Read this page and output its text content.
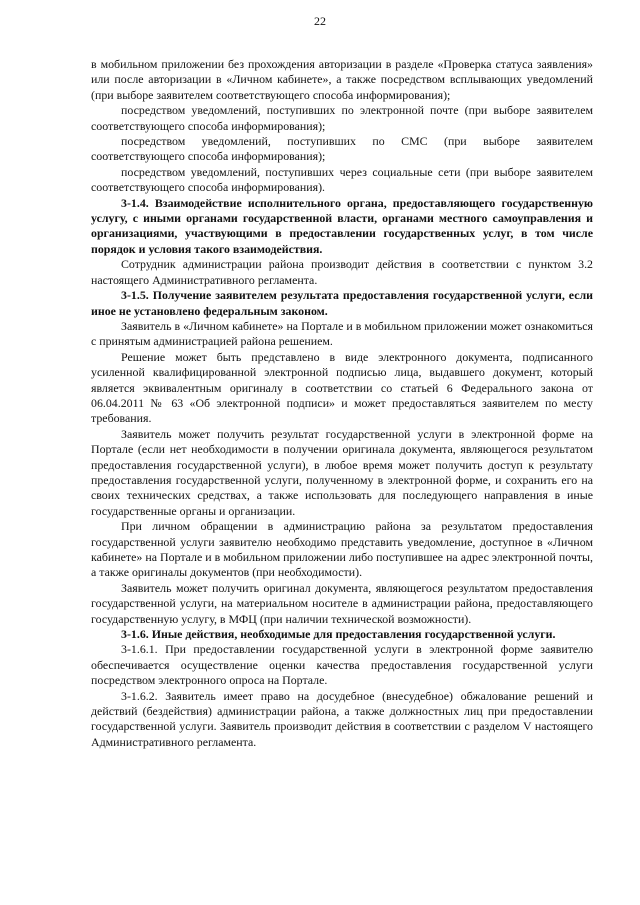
22

в мобильном приложении без прохождения авторизации в разделе «Проверка статуса заявления» или после авторизации в «Личном кабинете», а также посредством всплывающих уведомлений (при выборе заявителем соответствующего способа информирования);

посредством уведомлений, поступивших по электронной почте (при выборе заявителем соответствующего способа информирования);

посредством уведомлений, поступивших по СМС (при выборе заявителем соответствующего способа информирования);

посредством уведомлений, поступивших через социальные сети (при выборе заявителем соответствующего способа информирования).

3-1.4. Взаимодействие исполнительного органа, предоставляющего государственную услугу, с иными органами государственной власти, органами местного самоуправления и организациями, участвующими в предоставлении государственных услуг, в том числе порядок и условия такого взаимодействия.

Сотрудник администрации района производит действия в соответствии с пунктом 3.2 настоящего Административного регламента.

3-1.5. Получение заявителем результата предоставления государственной услуги, если иное не установлено федеральным законом.

Заявитель в «Личном кабинете» на Портале и в мобильном приложении может ознакомиться с принятым администрацией района решением.

Решение может быть представлено в виде электронного документа, подписанного усиленной квалифицированной электронной подписью лица, выдавшего документ, который является эквивалентным оригиналу в соответствии со статьей 6 Федерального закона от 06.04.2011 № 63 «Об электронной подписи» и может предоставляться заявителем по месту требования.

Заявитель может получить результат государственной услуги в электронной форме на Портале (если нет необходимости в получении оригинала документа, являющегося результатом предоставления государственной услуги), в любое время может получить доступ к результату предоставления государственной услуги, полученному в электронной форме, и сохранить его на своих технических средствах, а также использовать для последующего направления в иные государственные органы и организации.

При личном обращении в администрацию района за результатом предоставления государственной услуги заявителю необходимо представить уведомление, доступное в «Личном кабинете» на Портале и в мобильном приложении либо поступившее на адрес электронной почты, а также оригиналы документов (при необходимости).

Заявитель может получить оригинал документа, являющегося результатом предоставления государственной услуги, на материальном носителе в администрации района, предоставляющего государственную услугу, в МФЦ (при наличии технической возможности).

3-1.6. Иные действия, необходимые для предоставления государственной услуги.

3-1.6.1. При предоставлении государственной услуги в электронной форме заявителю обеспечивается осуществление оценки качества предоставления государственной услуги посредством электронного опроса на Портале.

3-1.6.2. Заявитель имеет право на досудебное (внесудебное) обжалование решений и действий (бездействия) администрации района, а также должностных лиц при предоставлении государственной услуги. Заявитель производит действия в соответствии с разделом V настоящего Административного регламента.
